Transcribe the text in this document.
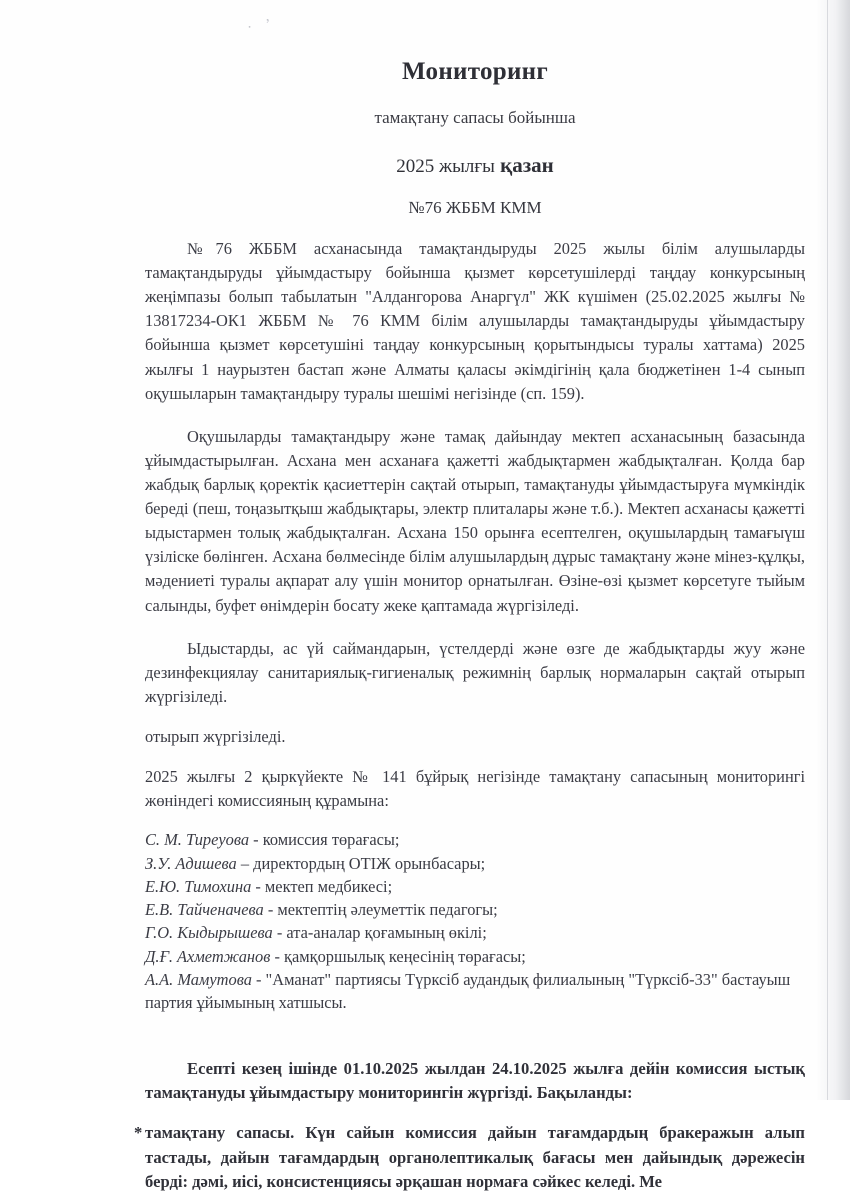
· ʼ
Мониторинг

тамақтану сапасы бойынша

2025 жылғы қазан

№76 ЖББМ КММ

№76 ЖББМ асханасында тамақтандыруды 2025 жылы білім алушыларды тамақтандыруды ұйымдастыру бойынша қызмет көрсетушілерді таңдау конкурсының жеңімпазы болып табылатын "Алдангорова Анаргүл" ЖК күшімен (25.02.2025 жылғы № 13817234-ОК1 ЖББМ № 76 КММ білім алушыларды тамақтандыруды ұйымдастыру бойынша қызмет көрсетушіні таңдау конкурсының қорытындысы туралы хаттама) 2025 жылғы 1 наурызтен бастап және Алматы қаласы әкімдігінің қала бюджетінен 1-4 сынып оқушыларын тамақтандыру туралы шешімі негізінде (сп. 159).

Оқушыларды тамақтандыру және тамақ дайындау мектеп асханасының базасында ұйымдастырылған. Асхана мен асханаға қажетті жабдықтармен жабдықталған. Қолда бар жабдық барлық қоректік қасиеттерін сақтай отырып, тамақтануды ұйымдастыруға мүмкіндік береді (пеш, тоңазытқыш жабдықтары, электр плиталары және т.б.). Мектеп асханасы қажетті ыдыстармен толық жабдықталған. Асхана 150 орынға есептелген, оқушылардың тамағыүш үзіліске бөлінген. Асхана бөлмесінде білім алушылардың дұрыс тамақтану және мінез-құлқы, мәдениеті туралы ақпарат алу үшін монитор орнатылған. Өзіне-өзі қызмет көрсетуге тыйым салынды, буфет өнімдерін босату жеке қаптамада жүргізіледі.

Ыдыстарды, ас үй саймандарын, үстелдерді және өзге де жабдықтарды жуу және дезинфекциялау санитариялық-гигиеналық режимнің барлық нормаларын сақтай отырып жүргізіледі.

отырып жүргізіледі.

2025 жылғы 2 қыркүйекте № 141 бұйрық негізінде тамақтану сапасының мониторингі жөніндегі комиссияның құрамына:

С. М. Тиреуова - комиссия төрағасы;
З.У. Адишева – директордың ОТІЖ орынбасары;
Е.Ю. Тимохина - мектеп медбикесі;
Е.В. Тайченачева - мектептің әлеуметтік педагогы;
Г.О. Кыдырышева - ата-аналар қоғамының өкілі;
Д.Ғ. Ахметжанов - қамқоршылық кеңесінің төрағасы;
А.А. Мамутова - "Аманат" партиясы Түрксіб аудандық филиалының "Түрксіб-33" бастауыш партия ұйымының хатшысы.

Есепті кезең ішінде 01.10.2025 жылдан 24.10.2025 жылға дейін комиссия ыстық тамақтануды ұйымдастыру мониторингін жүргізді. Бақыланды:

* тамақтану сапасы. Күн сайын комиссия дайын тағамдардың бракеражын алып тастады, дайын тағамдардың органолептикалық бағасы мен дайындық дәрежесін берді: дәмі, иісі, консистенциясы әрқашан нормаға сәйкес келеді. Ме
